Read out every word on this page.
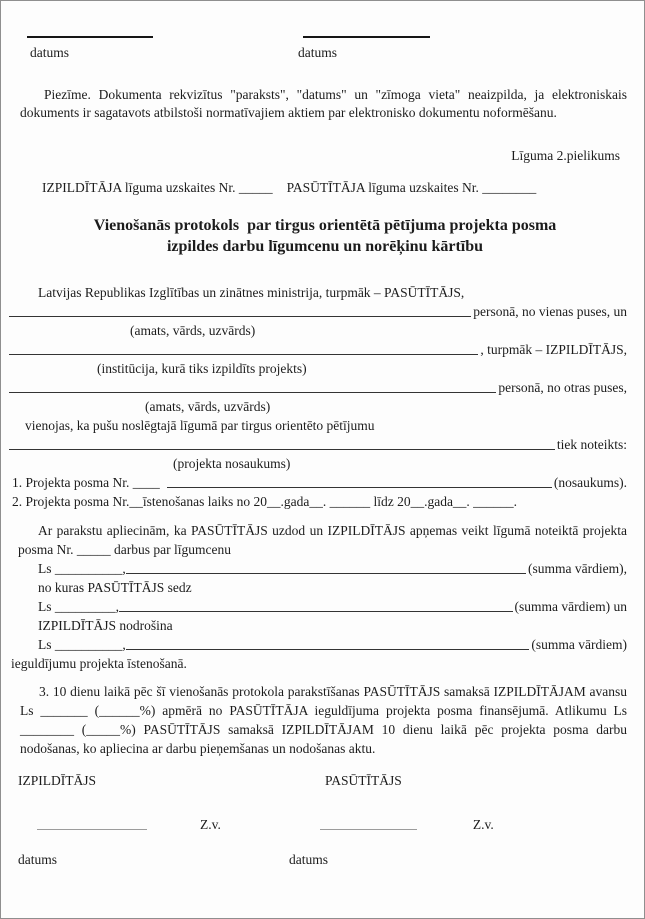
datums	datums

Piezīme. Dokumenta rekvizītus "paraksts", "datums" un "zīmoga vieta" neaizpilda, ja elektroniskais dokuments ir sagatavots atbilstoši normatīvajiem aktiem par elektronisko dokumentu noformēšanu.

Līguma 2.pielikums
IZPILDĪTĀJA līguma uzskaites Nr. _____ PASŪTĪTĀJA līguma uzskaites Nr. ________
Vienošanās protokols  par tirgus orientētā pētījuma projekta posma
izpildes darbu līgumcenu un norēķinu kārtību
Latvijas Republikas Izglītības un zinātnes ministrija, turpmāk – PASŪTĪTĀJS,
personā, no vienas puses, un
(amats, vārds, uzvārds)
, turpmāk – IZPILDĪTĀJS,
(institūcija, kurā tiks izpildīts projekts)
personā, no otras puses,
(amats, vārds, uzvārds)
vienojas, ka pušu noslēgtajā līgumā par tirgus orientēto pētījumu
tiek noteikts:
(projekta nosaukums)
1. Projekta posma Nr. ____	(nosaukums).
2. Projekta posma Nr.__īstenošanas laiks no 20__.gada__. ______ līdz 20__.gada__. ______.

Ar parakstu apliecinām, ka PASŪTĪTĀJS uzdod un IZPILDĪTĀJS apņemas veikt līgumā noteiktā projekta posma Nr. _____ darbus par līgumcenu

Ls __________,	(summa vārdiem),
no kuras PASŪTĪTĀJS sedz
Ls _________,	(summa vārdiem) un
IZPILDĪTĀJS nodrošina
Ls __________,	(summa vārdiem)
ieguldījumu projekta īstenošanā.

3. 10 dienu laikā pēc šī vienošanās protokola parakstīšanas PASŪTĪTĀJS samaksā IZPILDĪTĀJAM avansu Ls _______ (______%) apmērā no PASŪTĪTĀJA ieguldījuma projekta posma finansējumā. Atlikumu Ls ________ (_____%) PASŪTĪTĀJS samaksā IZPILDĪTĀJAM 10 dienu laikā pēc projekta posma darbu nodošanas, ko apliecina ar darbu pieņemšanas un nodošanas aktu.

IZPILDĪTĀJS	PASŪTĪTĀJS
Z.v.	Z.v.
datums	datums
